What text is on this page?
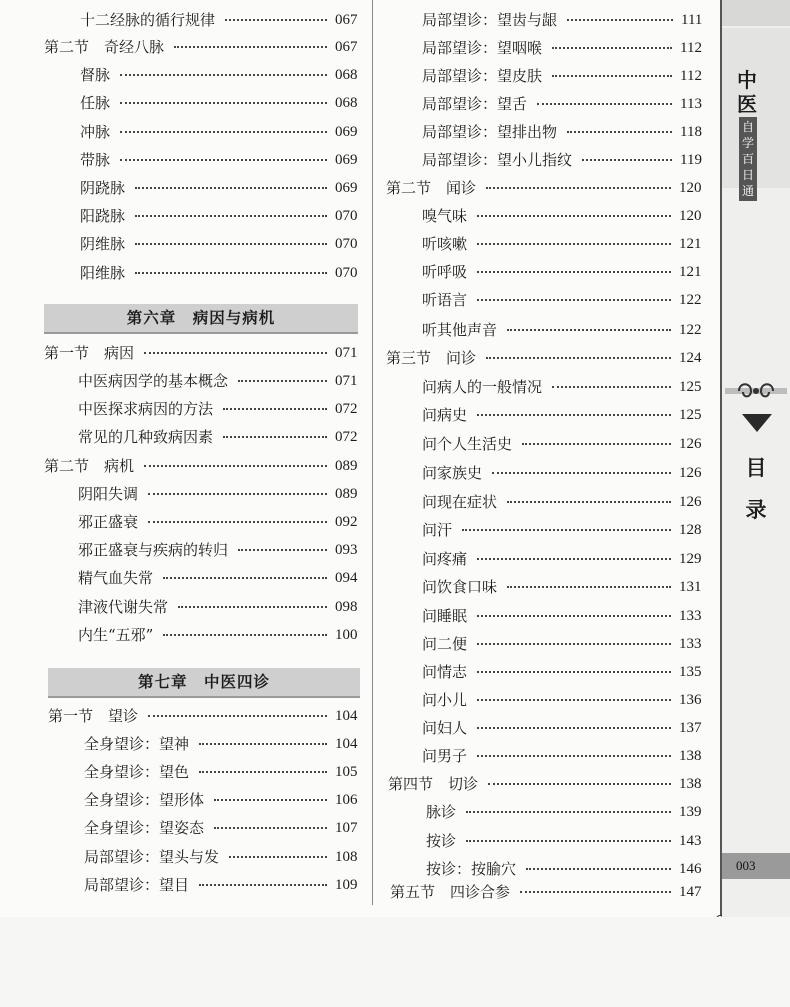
十二经脉的循行规律	067
第二节　奇经八脉	067
督脉	068
任脉	068
冲脉	069
带脉	069
阴跷脉	069
阳跷脉	070
阴维脉	070
阳维脉	070
第六章　病因与病机
第一节　病因	071
中医病因学的基本概念	071
中医探求病因的方法	072
常见的几种致病因素	072
第二节　病机	089
阴阳失调	089
邪正盛衰	092
邪正盛衰与疾病的转归	093
精气血失常	094
津液代谢失常	098
内生“五邪”	100
第七章　中医四诊
第一节　望诊	104
全身望诊：望神	104
全身望诊：望色	105
全身望诊：望形体	106
全身望诊：望姿态	107
局部望诊：望头与发	108
局部望诊：望目	109
局部望诊：望齿与龈	111
局部望诊：望咽喉	112
局部望诊：望皮肤	112
局部望诊：望舌	113
局部望诊：望排出物	118
局部望诊：望小儿指纹	119
第二节　闻诊	120
嗅气味	120
听咳嗽	121
听呼吸	121
听语言	122
听其他声音	122
第三节　问诊	124
问病人的一般情况	125
问病史	125
问个人生活史	126
问家族史	126
问现在症状	126
问汗	128
问疼痛	129
问饮食口味	131
问睡眠	133
问二便	133
问情志	135
问小儿	136
问妇人	137
问男子	138
第四节　切诊	138
脉诊	139
按诊	143
按诊：按腧穴	146
第五节　四诊合参	147
中医
自学百日通
目
录
003
